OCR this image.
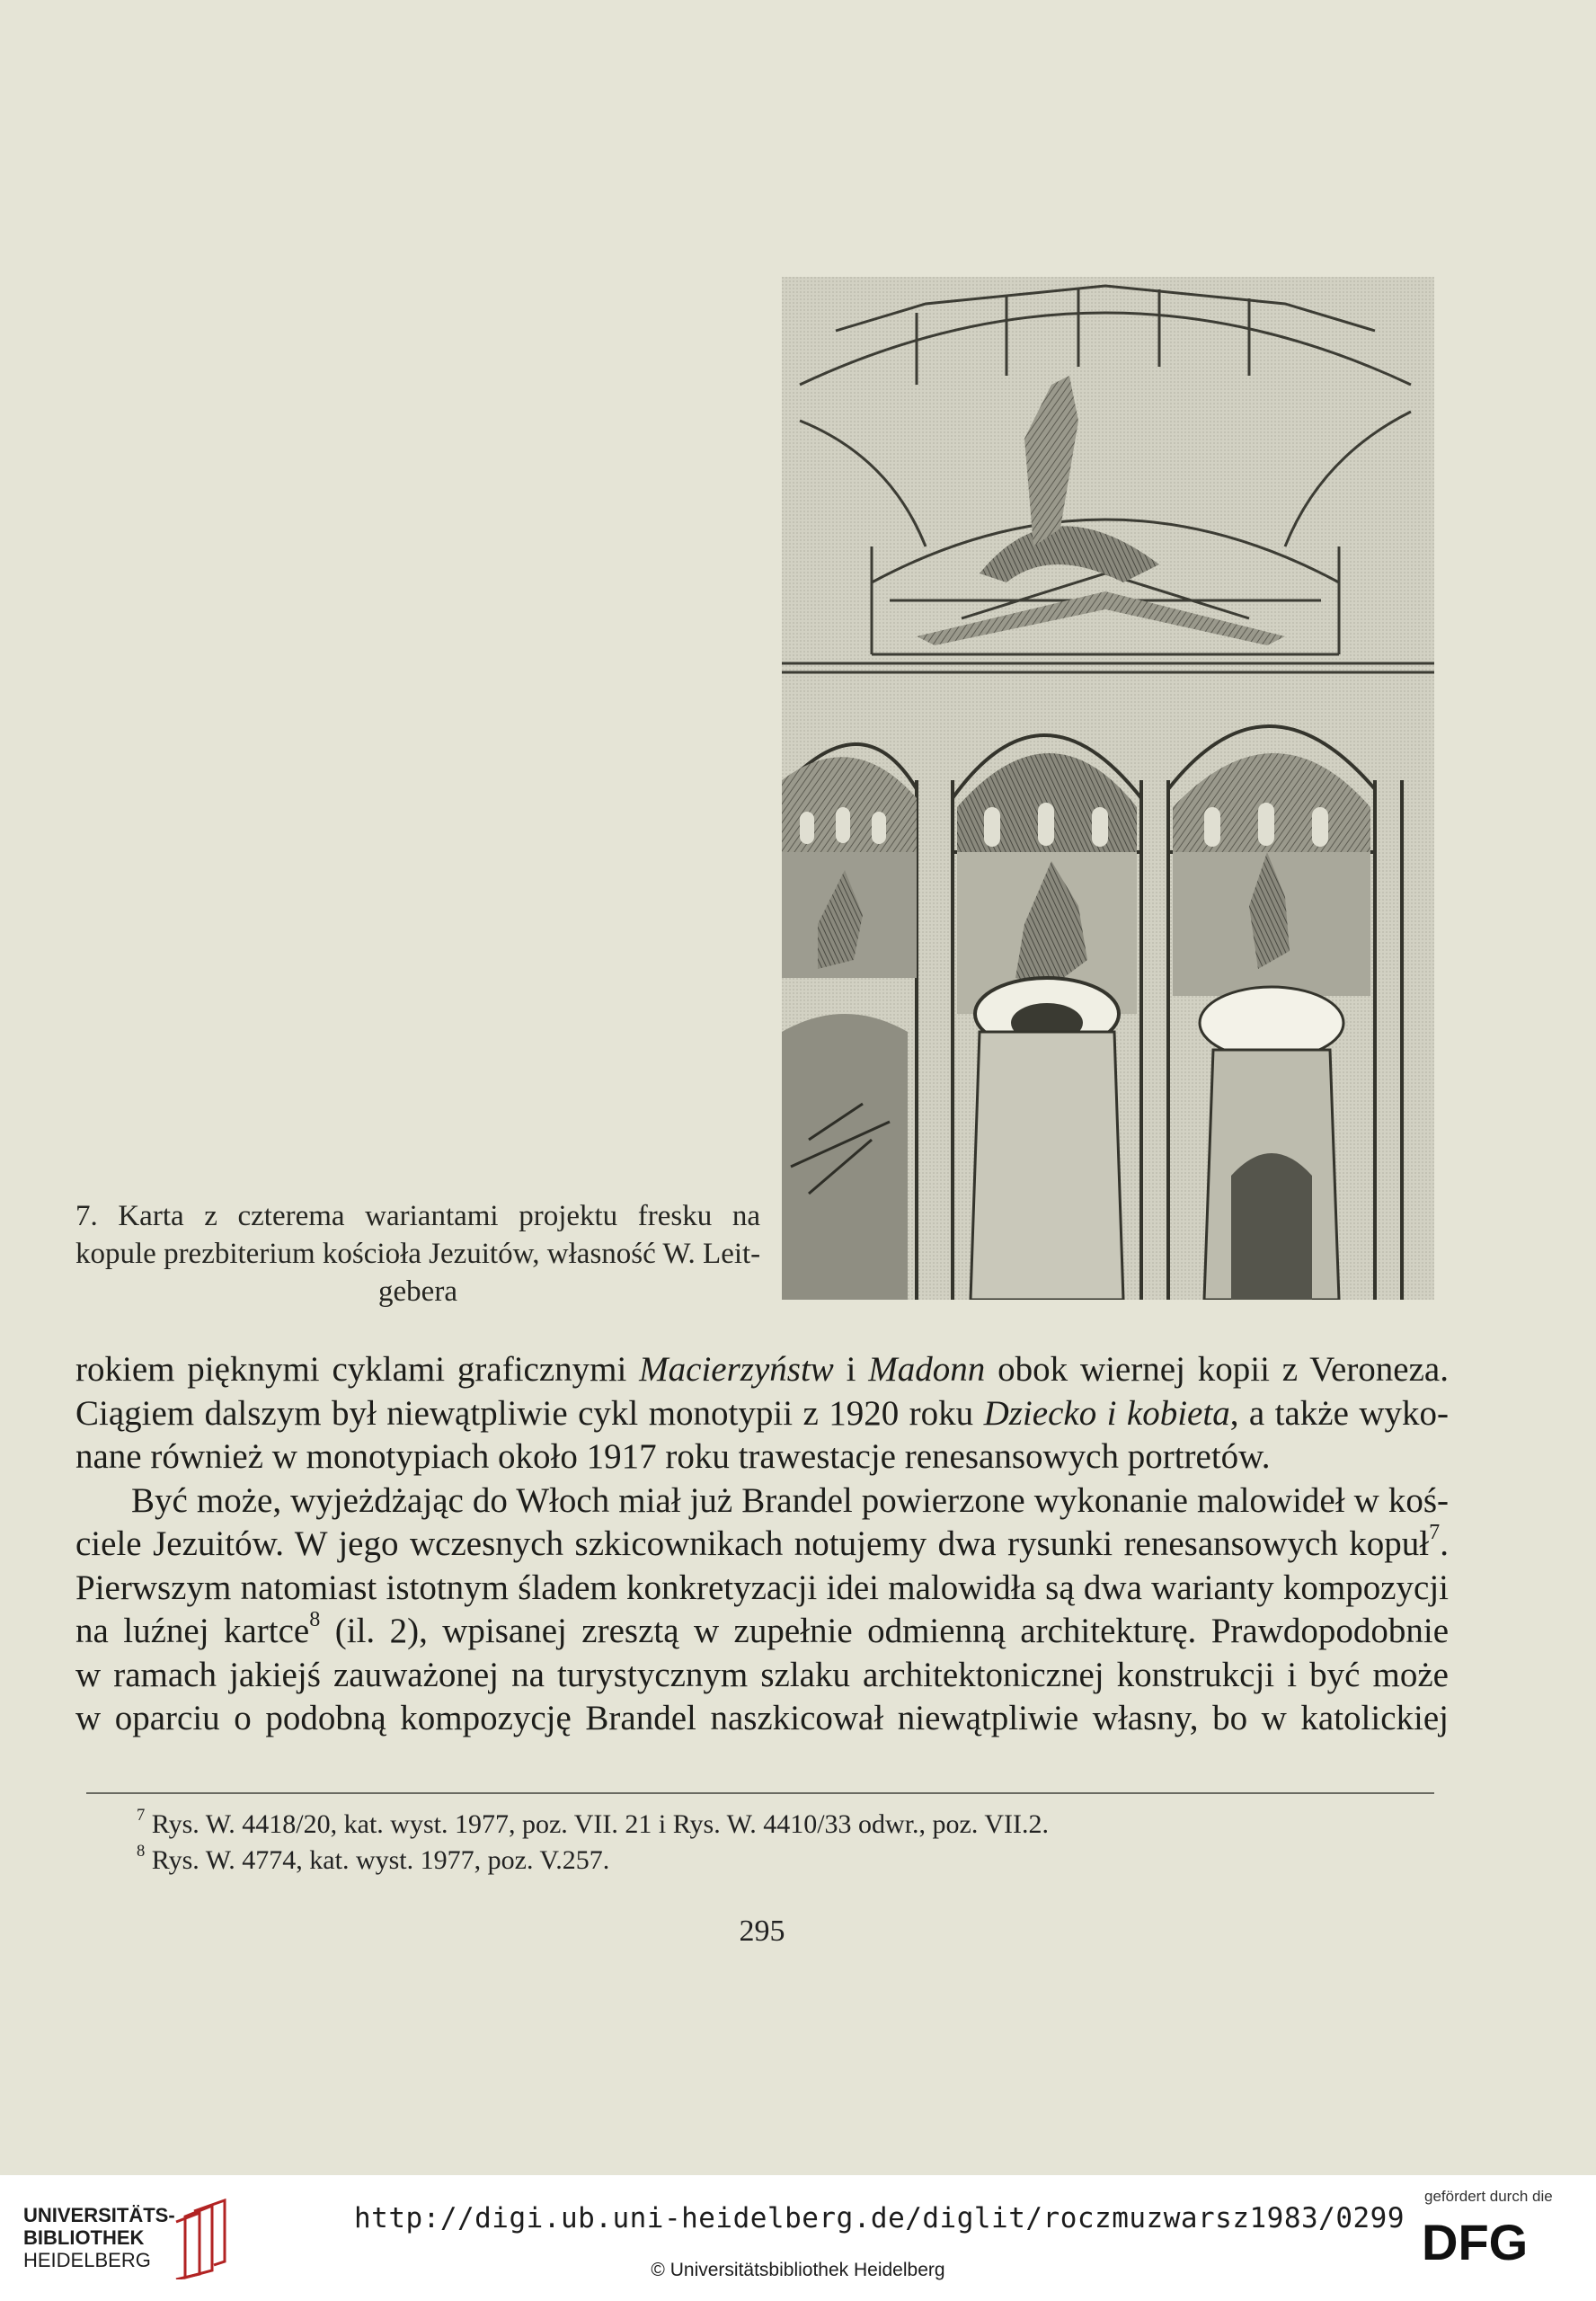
7. Karta z czterema wariantami projektu fresku na
kopule prezbiterium kościoła Jezuitów, własność W. Leit-
gebera
rokiem pięknymi cyklami graficznymi Macierzyństw i Madonn obok wiernej kopii z Veroneza.
Ciągiem dalszym był niewątpliwie cykl monotypii z 1920 roku Dziecko i kobieta, a także wyko-
nane również w monotypiach około 1917 roku trawestacje renesansowych portretów.
Być może, wyjeżdżając do Włoch miał już Brandel powierzone wykonanie malowideł w koś-
ciele Jezuitów. W jego wczesnych szkicownikach notujemy dwa rysunki renesansowych kopuł$^7$.
Pierwszym natomiast istotnym śladem konkretyzacji idei malowidła są dwa warianty kompozycji
na luźnej kartce$^8$ (il. 2), wpisanej zresztą w zupełnie odmienną architekturę. Prawdopodobnie
w ramach jakiejś zauważonej na turystycznym szlaku architektonicznej konstrukcji i być może
w oparciu o podobną kompozycję Brandel naszkicował niewątpliwie własny, bo w katolickiej
$^7$ Rys. W. 4418/20, kat. wyst. 1977, poz. VII. 21 i Rys. W. 4410/33 odwr., poz. VII.2.
$^8$ Rys. W. 4774, kat. wyst. 1977, poz. V.257.
295
UNIVERSITÄTS-
BIBLIOTHEK
HEIDELBERG
http://digi.ub.uni-heidelberg.de/diglit/roczmuzwarsz1983/0299
© Universitätsbibliothek Heidelberg
gefördert durch die
DFG
